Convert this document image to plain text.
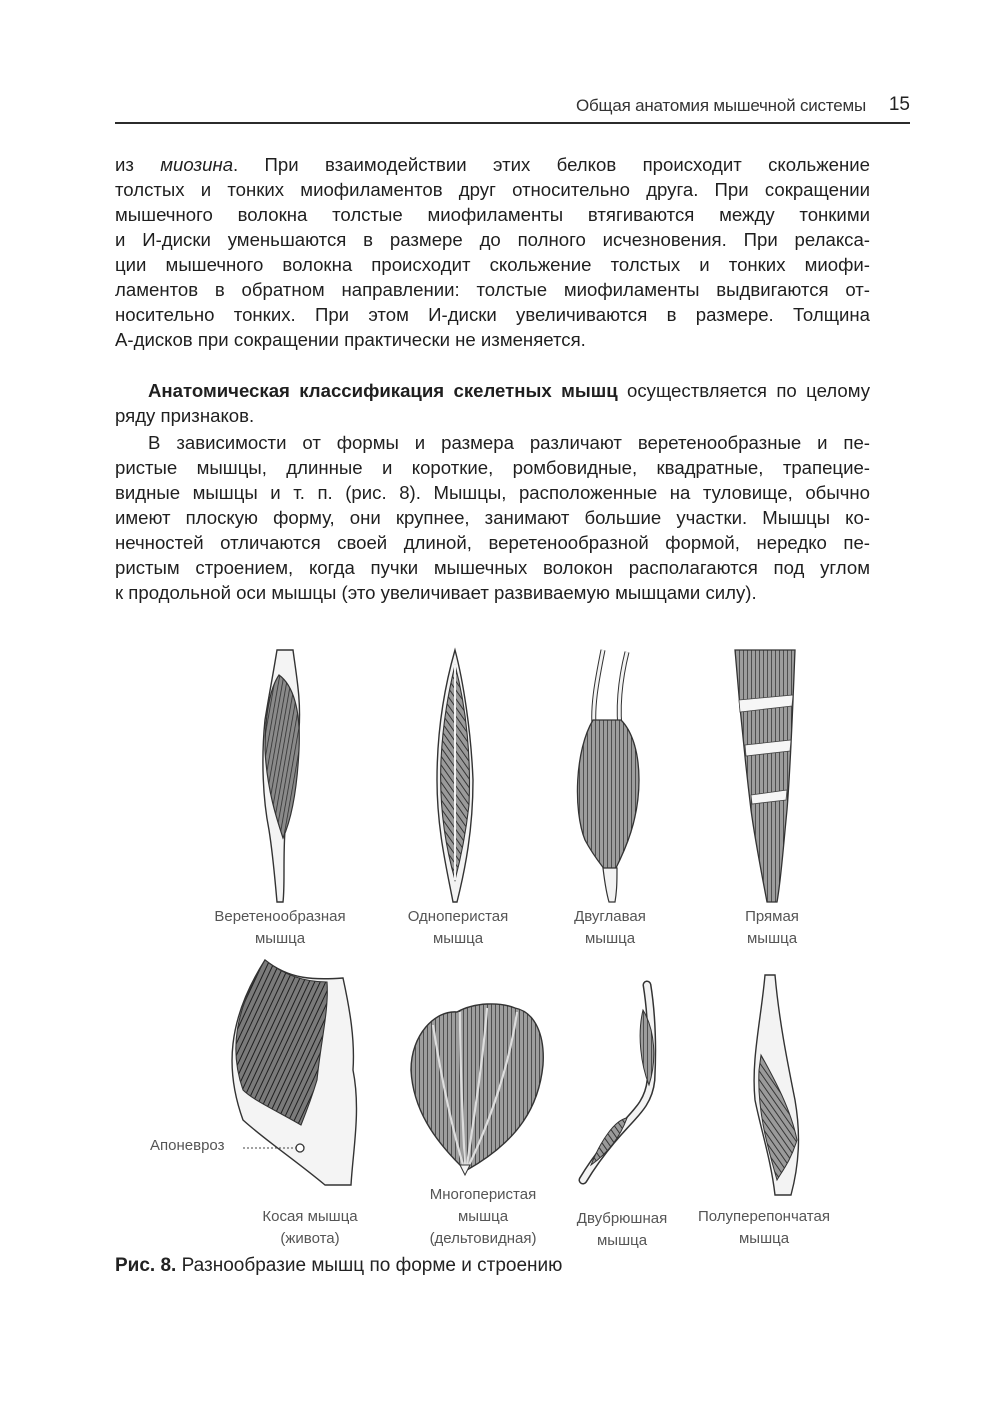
Общая анатомия мышечной системы 15
из миозина. При взаимодействии этих белков происходит скольжение
толстых и тонких миофиламентов друг относительно друга. При сокращении
мышечного волокна толстые миофиламенты втягиваются между тонкими
и И-диски уменьшаются в размере до полного исчезновения. При релакса-
ции мышечного волокна происходит скольжение толстых и тонких миофи-
ламентов в обратном направлении: толстые миофиламенты выдвигаются от-
носительно тонких. При этом И-диски увеличиваются в размере. Толщина
А-дисков при сокращении практически не изменяется.
Анатомическая классификация скелетных мышц осуществляется по целому
ряду признаков.
В зависимости от формы и размера различают веретенообразные и пе-
ристые мышцы, длинные и короткие, ромбовидные, квадратные, трапецие-
видные мышцы и т. п. (рис. 8). Мышцы, расположенные на туловище, обычно
имеют плоскую форму, они крупнее, занимают большие участки. Мышцы ко-
нечностей отличаются своей длиной, веретенообразной формой, нередко пе-
ристым строением, когда пучки мышечных волокон располагаются под углом
к продольной оси мышцы (это увеличивает развиваемую мышцами силу).
Веретенообразная
мышца
Одноперистая
мышца
Двуглавая
мышца
Прямая
мышца
Апоневроз
Косая мышца
(живота)
Многоперистая
мышца
(дельтовидная)
Двубрюшная
мышца
Полуперепончатая
мышца
Рис. 8. Разнообразие мышц по форме и строению
